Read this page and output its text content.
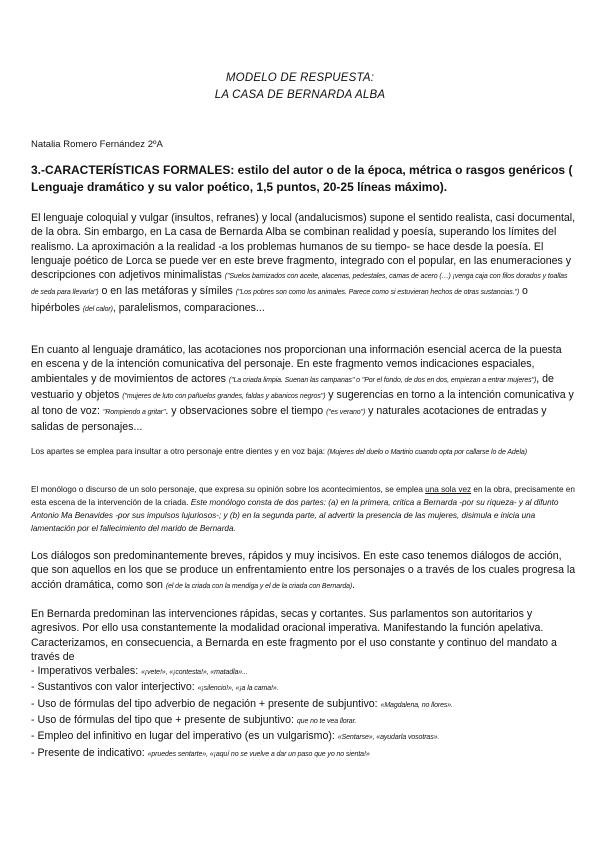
MODELO DE RESPUESTA:
LA CASA DE BERNARDA ALBA
Natalia Romero Fernández 2ºA
3.-CARACTERÍSTICAS FORMALES: estilo del autor o de la época, métrica o rasgos genéricos ( Lenguaje dramático y su valor poético, 1,5 puntos, 20-25 líneas máximo).
El lenguaje coloquial y vulgar (insultos, refranes) y local (andalucismos) supone el sentido realista, casi documental, de la obra. Sin embargo, en La casa de Bernarda Alba se combinan realidad y poesía, superando los límites del realismo. La aproximación a la realidad -a los problemas humanos de su tiempo- se hace desde la poesía. El lenguaje poético de Lorca se puede ver en este breve fragmento, integrado con el popular, en las enumeraciones y descripciones con adjetivos minimalistas ("Suelos barnizados con aceite, alacenas, pedestales, camas de acero (…) ¡venga caja con filos dorados y toallas de seda para llevarla") o en las metáforas y símiles ("Los pobres son como los animales. Parece como si estuvieran hechos de otras sustancias.") o hipérboles (del calor), paralelismos, comparaciones...
En cuanto al lenguaje dramático, las acotaciones nos proporcionan una información esencial acerca de la puesta en escena y de la intención comunicativa del personaje. En este fragmento vemos indicaciones espaciales, ambientales y de movimientos de actores ("La criada limpia. Suenan las campanas" o "Por el fondo, de dos en dos, empiezan a entrar mujeres"), de vestuario y objetos ("mujeres de luto con pañuelos grandes, faldas y abanicos negros") y sugerencias en torno a la intención comunicativa y al tono de voz: "Rompiendo a gritar". y observaciones sobre el tiempo ("es verano") y naturales acotaciones de entradas y salidas de personajes...
Los apartes se emplea para insultar a otro personaje entre dientes y en voz baja: (Mujeres del duelo o Martirio cuando opta por callarse lo de Adela)
El monólogo o discurso de un solo personaje, que expresa su opinión sobre los acontecimientos, se emplea una sola vez en la obra, precisamente en esta escena de la intervención de la criada. Este monólogo consta de dos partes: (a) en la primera, critica a Bernarda -por su riqueza- y al difunto Antonio Ma Benavides -por sus impulsos lujuriosos-; y (b) en la segunda parte, al advertir la presencia de las mujeres, disimula e inicia una lamentación por el fallecimiento del marido de Bernarda.
Los diálogos son predominantemente breves, rápidos y muy incisivos. En este caso tenemos diálogos de acción, que son aquellos en los que se produce un enfrentamiento entre los personajes o a través de los cuales progresa la acción dramática, como son (el de la criada con la mendiga y el de la criada con Bernarda).
En Bernarda predominan las intervenciones rápidas, secas y cortantes. Sus parlamentos son autoritarios y agresivos. Por ello usa constantemente la modalidad oracional imperativa. Manifestando la función apelativa. Caracterizamos, en consecuencia, a Bernarda en este fragmento por el uso constante y continuo del mandato a través de
- Imperativos verbales: «¡vete!», «¡contesta!», «matadla»...
- Sustantivos con valor interjectivo: «¡silencio!», «¡a la cama!».
- Uso de fórmulas del tipo adverbio de negación + presente de subjuntivo: «Magdalena, no llores».
- Uso de fórmulas del tipo que + presente de subjuntivo: que no te vea llorar.
- Empleo del infinitivo en lugar del imperativo (es un vulgarismo): «Sentarse», «ayudarla vosotras».
- Presente de indicativo: «pruedes sentarte», «¡aquí no se vuelve a dar un paso que yo no sienta!»
